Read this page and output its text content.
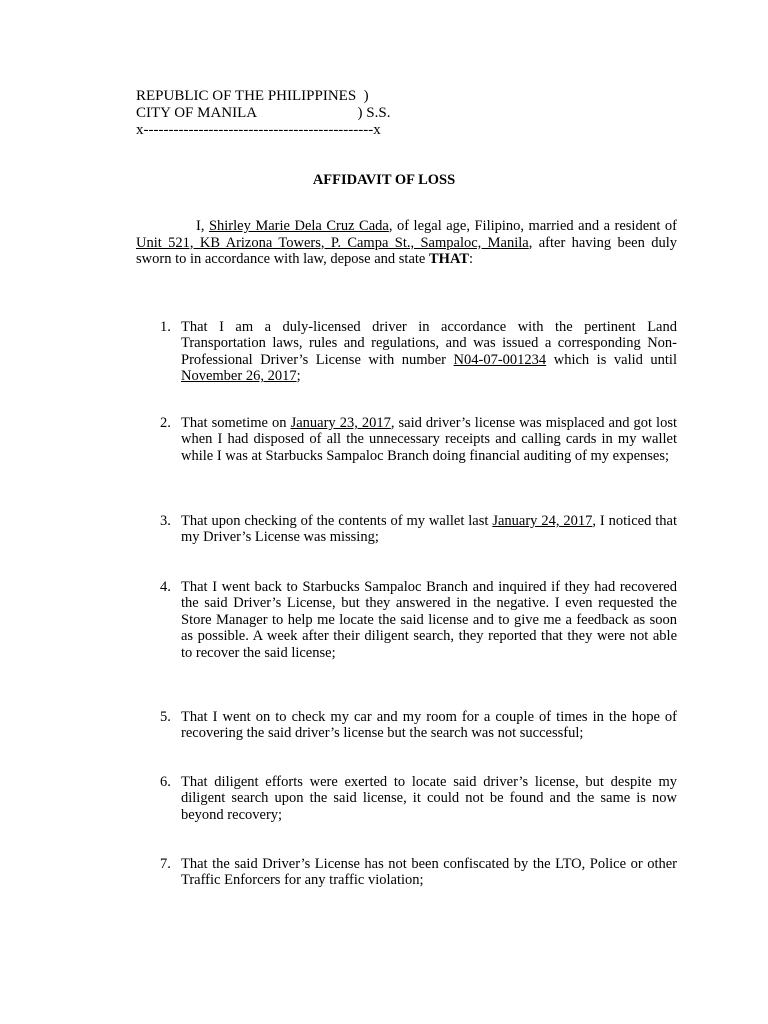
REPUBLIC OF THE PHILIPPINES  )
CITY OF MANILA                           ) S.S.
x----------------------------------------------x
AFFIDAVIT OF LOSS
I, Shirley Marie Dela Cruz Cada, of legal age, Filipino, married and a resident of Unit 521, KB Arizona Towers, P. Campa St., Sampaloc, Manila, after having been duly sworn to in accordance with law, depose and state THAT:
1. That I am a duly-licensed driver in accordance with the pertinent Land Transportation laws, rules and regulations, and was issued a corresponding Non-Professional Driver’s License with number N04-07-001234 which is valid until November 26, 2017;
2. That sometime on January 23, 2017, said driver’s license was misplaced and got lost when I had disposed of all the unnecessary receipts and calling cards in my wallet while I was at Starbucks Sampaloc Branch doing financial auditing of my expenses;
3. That upon checking of the contents of my wallet last January 24, 2017, I noticed that my Driver’s License was missing;
4. That I went back to Starbucks Sampaloc Branch and inquired if they had recovered the said Driver’s License, but they answered in the negative. I even requested the Store Manager to help me locate the said license and to give me a feedback as soon as possible. A week after their diligent search, they reported that they were not able to recover the said license;
5. That I went on to check my car and my room for a couple of times in the hope of recovering the said driver’s license but the search was not successful;
6. That diligent efforts were exerted to locate said driver’s license, but despite my diligent search upon the said license, it could not be found and the same is now beyond recovery;
7. That the said Driver’s License has not been confiscated by the LTO, Police or other Traffic Enforcers for any traffic violation;
